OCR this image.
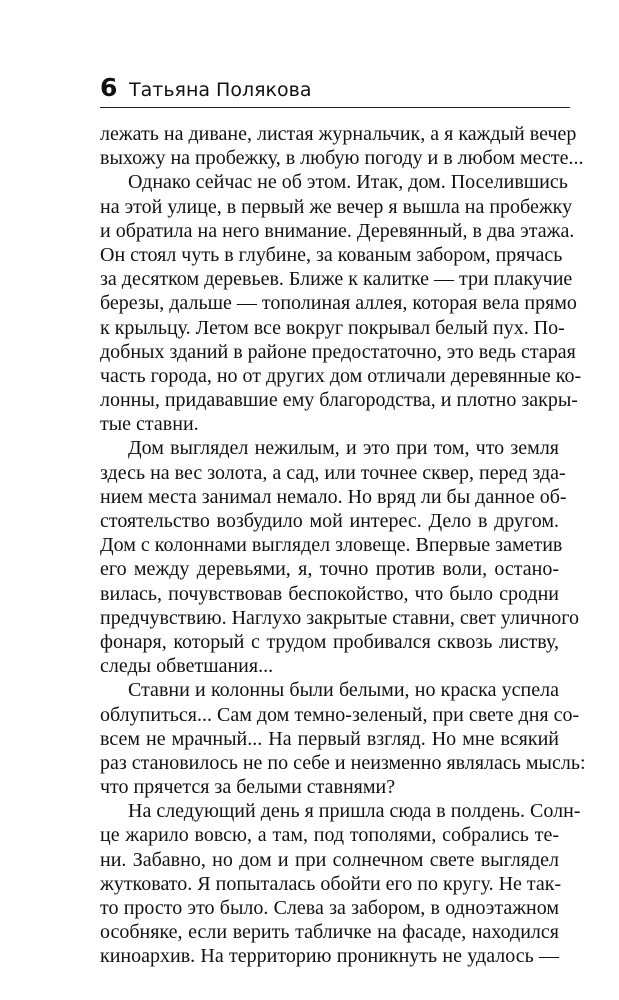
6 Татьяна Полякова
лежать на диване, листая журнальчик, а я каждый вечер
выхожу на пробежку, в любую погоду и в любом месте...
Однако сейчас не об этом. Итак, дом. Поселившись
на этой улице, в первый же вечер я вышла на пробежку
и обратила на него внимание. Деревянный, в два этажа.
Он стоял чуть в глубине, за кованым забором, прячась
за десятком деревьев. Ближе к калитке — три плакучие
березы, дальше — тополиная аллея, которая вела прямо
к крыльцу. Летом все вокруг покрывал белый пух. По-
добных зданий в районе предостаточно, это ведь старая
часть города, но от других дом отличали деревянные ко-
лонны, придававшие ему благородства, и плотно закры-
тые ставни.
Дом выглядел нежилым, и это при том, что земля
здесь на вес золота, а сад, или точнее сквер, перед зда-
нием места занимал немало. Но вряд ли бы данное об-
стоятельство возбудило мой интерес. Дело в другом.
Дом с колоннами выглядел зловеще. Впервые заметив
его между деревьями, я, точно против воли, остано-
вилась, почувствовав беспокойство, что было сродни
предчувствию. Наглухо закрытые ставни, свет уличного
фонаря, который с трудом пробивался сквозь листву,
следы обветшания...
Ставни и колонны были белыми, но краска успела
облупиться... Сам дом темно-зеленый, при свете дня со-
всем не мрачный... На первый взгляд. Но мне всякий
раз становилось не по себе и неизменно являлась мысль:
что прячется за белыми ставнями?
На следующий день я пришла сюда в полдень. Солн-
це жарило вовсю, а там, под тополями, собрались те-
ни. Забавно, но дом и при солнечном свете выглядел
жутковато. Я попыталась обойти его по кругу. Не так-
то просто это было. Слева за забором, в одноэтажном
особняке, если верить табличке на фасаде, находился
киноархив. На территорию проникнуть не удалось —
